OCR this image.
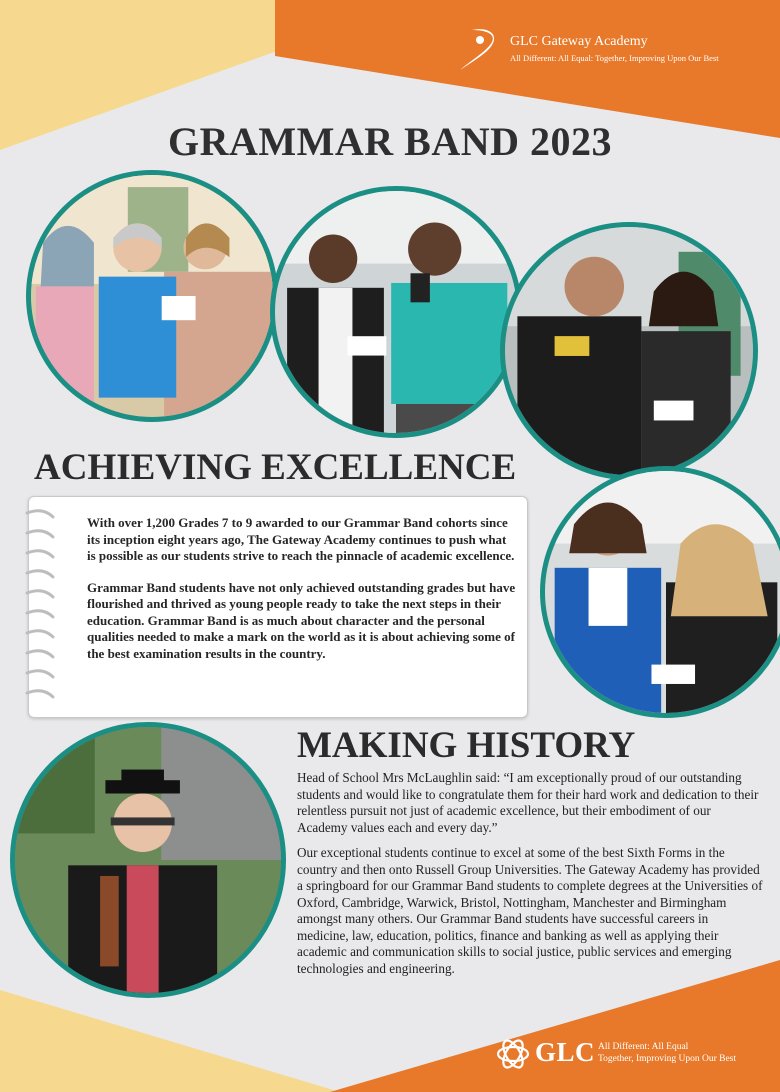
GLC Gateway Academy
All Different: All Equal: Together, Improving Upon Our Best
GRAMMAR BAND 2023
ACHIEVING EXCELLENCE

With over 1,200 Grades 7 to 9 awarded to our Grammar Band cohorts since its inception eight years ago, The Gateway Academy continues to push what is possible as our students strive to reach the pinnacle of academic excellence.

Grammar Band students have not only achieved outstanding grades but have flourished and thrived as young people ready to take the next steps in their education. Grammar Band is as much about character and the personal qualities needed to make a mark on the world as it is about achieving some of the best examination results in the country.

MAKING HISTORY

Head of School Mrs McLaughlin said: “I am exceptionally proud of our outstanding students and would like to congratulate them for their hard work and dedication to their relentless pursuit not just of academic excellence, but their embodiment of our Academy values each and every day.”

Our exceptional students continue to excel at some of the best Sixth Forms in the country and then onto Russell Group Universities. The Gateway Academy has provided a springboard for our Grammar Band students to complete degrees at the Universities of Oxford, Cambridge, Warwick, Bristol, Nottingham, Manchester and Birmingham amongst many others. Our Grammar Band students have successful careers in medicine, law, education, politics, finance and banking as well as applying their academic and communication skills to social justice, public services and emerging technologies and engineering.

GLC All Different: All Equal
Together, Improving Upon Our Best
